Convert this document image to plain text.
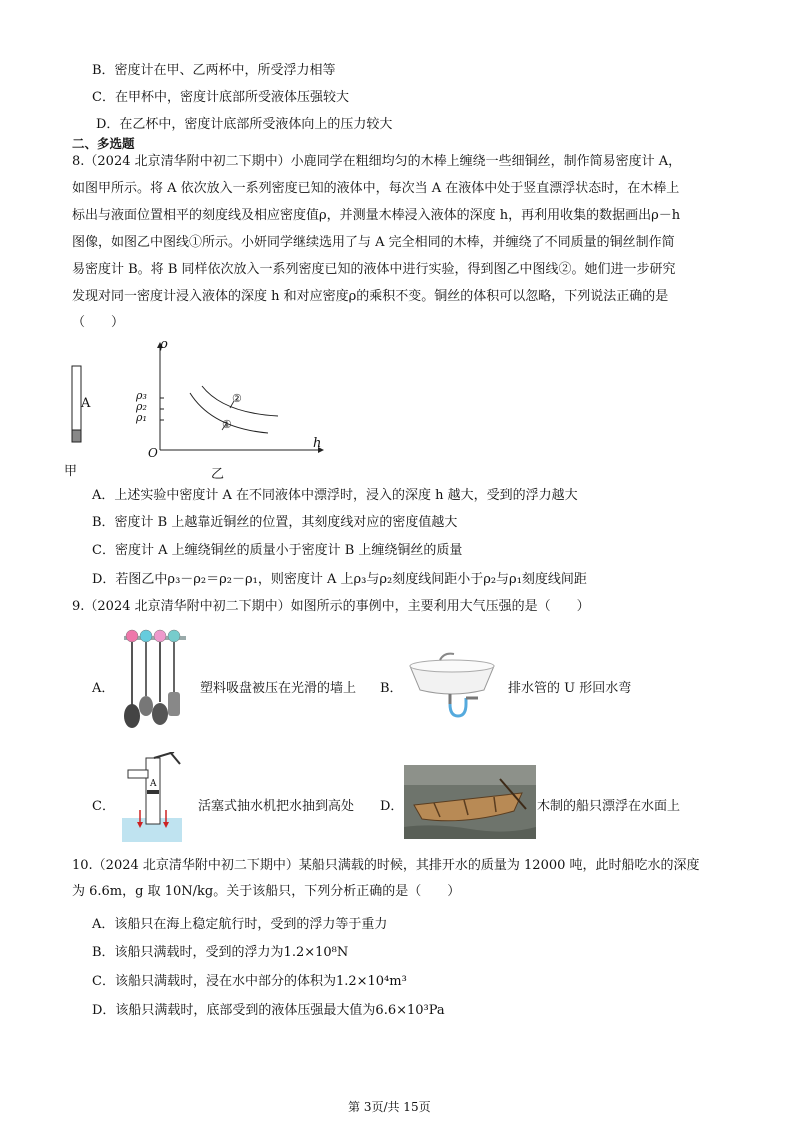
B．密度计在甲、乙两杯中，所受浮力相等
C．在甲杯中，密度计底部所受液体压强较大
D．在乙杯中，密度计底部所受液体向上的压力较大
二、多选题
8.（2024 北京清华附中初二下期中）小鹿同学在粗细均匀的木棒上缠绕一些细铜丝，制作简易密度计 A，
如图甲所示。将 A 依次放入一系列密度已知的液体中，每次当 A 在液体中处于竖直漂浮状态时，在木棒上
标出与液面位置相平的刻度线及相应密度值ρ，并测量木棒浸入液体的深度 h，再利用收集的数据画出ρ－h
图像，如图乙中图线①所示。小妍同学继续选用了与 A 完全相同的木棒，并缠绕了不同质量的铜丝制作简
易密度计 B。将 B 同样依次放入一系列密度已知的液体中进行实验，得到图乙中图线②。她们进一步研究
发现对同一密度计浸入液体的深度 h 和对应密度ρ的乘积不变。铜丝的体积可以忽略，下列说法正确的是
（　　）
A
甲
ρ
h
O
ρ₃
ρ₂
ρ₁
②
①
乙
A．上述实验中密度计 A 在不同液体中漂浮时，浸入的深度 h 越大，受到的浮力越大
B．密度计 B 上越靠近铜丝的位置，其刻度线对应的密度值越大
C．密度计 A 上缠绕铜丝的质量小于密度计 B 上缠绕铜丝的质量
D．若图乙中ρ₃－ρ₂＝ρ₂－ρ₁，则密度计 A 上ρ₃与ρ₂刻度线间距小于ρ₂与ρ₁刻度线间距
9.（2024 北京清华附中初二下期中）如图所示的事例中，主要利用大气压强的是（　　）
A．	塑料吸盘被压在光滑的墙上 B．	排水管的 U 形回水弯
C．
A
活塞式抽水机把水抽到高处 D．	木制的船只漂浮在水面上
10.（2024 北京清华附中初二下期中）某船只满载的时候，其排开水的质量为 12000 吨，此时船吃水的深度
为 6.6m，g 取 10N/kg。关于该船只，下列分析正确的是（　　）
A．该船只在海上稳定航行时，受到的浮力等于重力
B．该船只满载时，受到的浮力为1.2×10⁸N
C．该船只满载时，浸在水中部分的体积为1.2×10⁴m³
D．该船只满载时，底部受到的液体压强最大值为6.6×10³Pa
第 3页/共 15页
